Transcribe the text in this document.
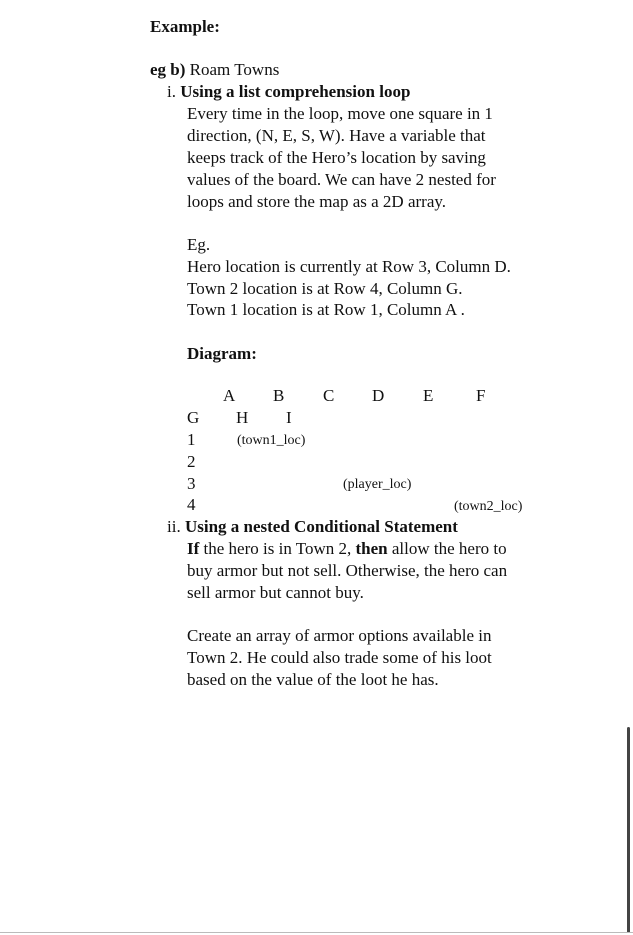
Example:
eg b) Roam Towns
i. Using a list comprehension loop
Every time in the loop, move one square in 1
direction, (N, E, S, W). Have a variable that
keeps track of the Hero’s location by saving
values of the board. We can have 2 nested for
loops and store the map as a 2D array.
Eg.
Hero location is currently at Row 3, Column D.
Town 2 location is at Row 4, Column G.
Town 1 location is at Row 1, Column A .
Diagram:
A B C D E	F
G H I
1	(town1_loc)
2
3	(player_loc)
4	(town2_loc)
ii. Using a nested Conditional Statement
If the hero is in Town 2, then allow the hero to
buy armor but not sell. Otherwise, the hero can
sell armor but cannot buy.
Create an array of armor options available in
Town 2. He could also trade some of his loot
based on the value of the loot he has.
